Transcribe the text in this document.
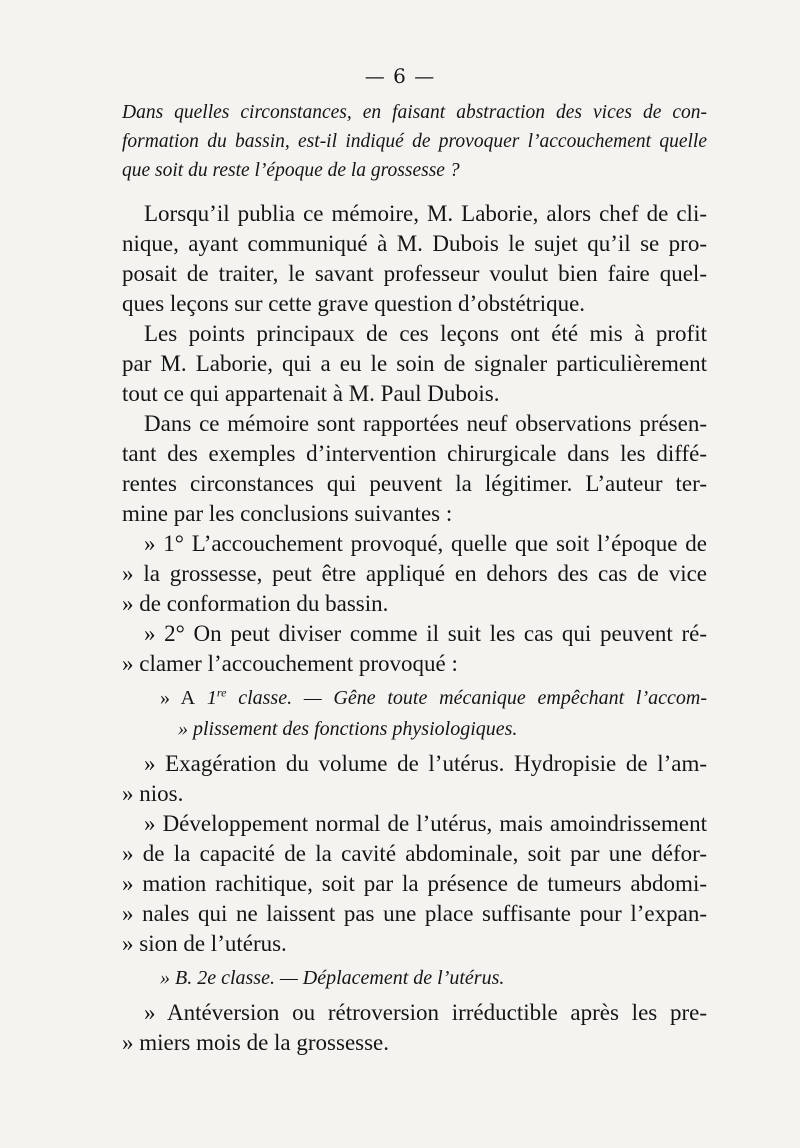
— 6 —
Dans quelles circonstances, en faisant abstraction des vices de con-
formation du bassin, est-il indiqué de provoquer l’accouchement quelle
que soit du reste l’époque de la grossesse ?
Lorsqu’il publia ce mémoire, M. Laborie, alors chef de cli-
nique, ayant communiqué à M. Dubois le sujet qu’il se pro-
posait de traiter, le savant professeur voulut bien faire quel-
ques leçons sur cette grave question d’obstétrique.
Les points principaux de ces leçons ont été mis à profit
par M. Laborie, qui a eu le soin de signaler particulièrement
tout ce qui appartenait à M. Paul Dubois.
Dans ce mémoire sont rapportées neuf observations présen-
tant des exemples d’intervention chirurgicale dans les diffé-
rentes circonstances qui peuvent la légitimer. L’auteur ter-
mine par les conclusions suivantes :
» 1° L’accouchement provoqué, quelle que soit l’époque de
» la grossesse, peut être appliqué en dehors des cas de vice
» de conformation du bassin.
» 2° On peut diviser comme il suit les cas qui peuvent ré-
» clamer l’accouchement provoqué :
» A 1re classe. — Gêne toute mécanique empêchant l’accom-
» plissement des fonctions physiologiques.
» Exagération du volume de l’utérus. Hydropisie de l’am-
» nios.
» Développement normal de l’utérus, mais amoindrissement
» de la capacité de la cavité abdominale, soit par une défor-
» mation rachitique, soit par la présence de tumeurs abdomi-
» nales qui ne laissent pas une place suffisante pour l’expan-
» sion de l’utérus.
» B. 2e classe. — Déplacement de l’utérus.
» Antéversion ou rétroversion irréductible après les pre-
» miers mois de la grossesse.
